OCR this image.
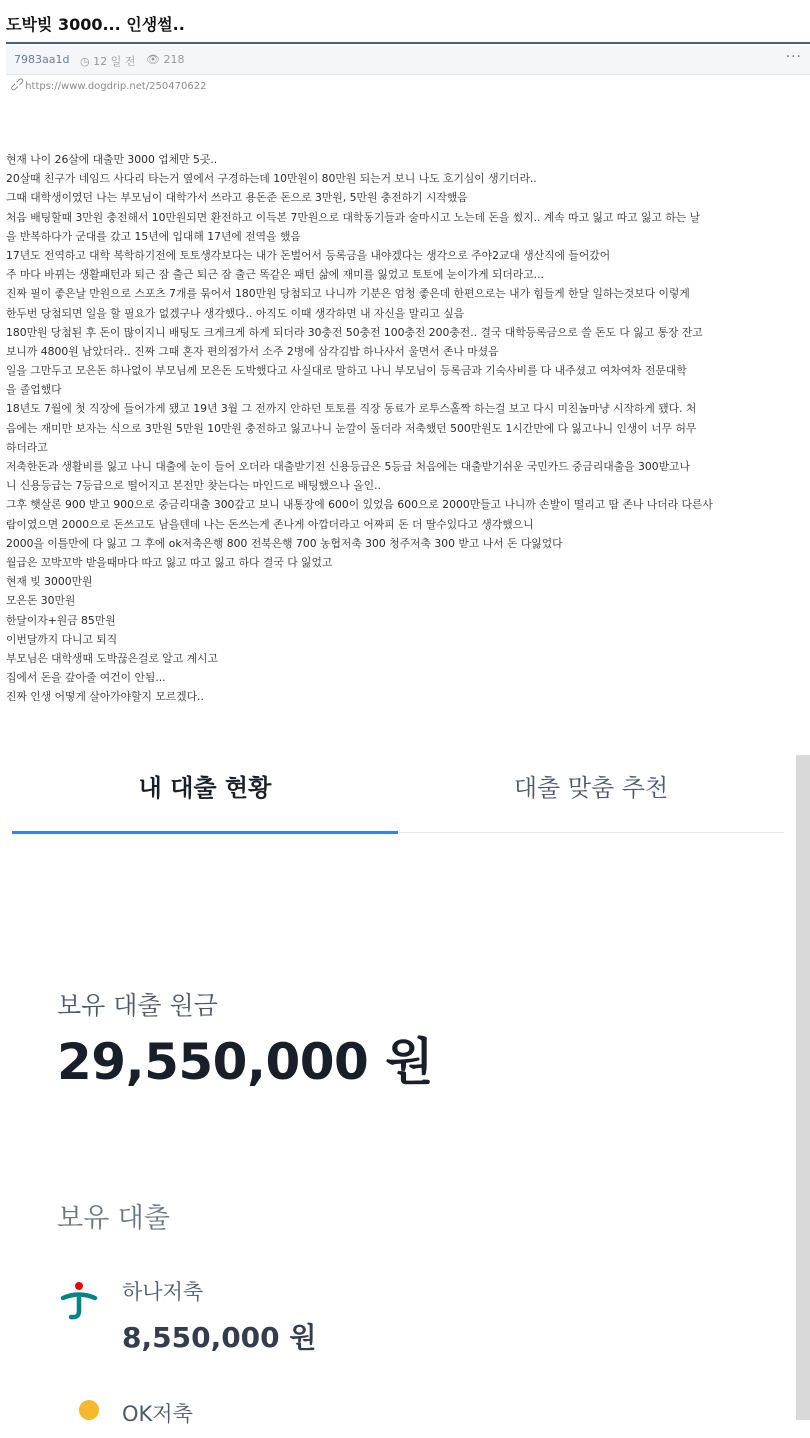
도박빚 3000... 인생썰..
7983aa1d ◷ 12 일 전 👁 218	···
⊂⊃ https://www.dogdrip.net/250470622
현재 나이 26살에 대출만 3000 업체만 5곳..
20살때 친구가 네임드 사다리 타는거 옆에서 구경하는데 10만원이 80만원 되는거 보니 나도 호기심이 생기더라..
그때 대학생이였던 나는 부모님이 대학가서 쓰라고 용돈준 돈으로 3만원, 5만원 충전하기 시작했음
처음 배팅할때 3만원 충전해서 10만원되면 환전하고 이득본 7만원으로 대학동기들과 술마시고 노는데 돈을 썼지.. 계속 따고 잃고 따고 잃고 하는 날
을 반복하다가 군대를 갔고 15년에 입대해 17년에 전역을 했음
17년도 전역하고 대학 복학하기전에 토토생각보다는 내가 돈벌어서 등록금을 내야겠다는 생각으로 주야2교대 생산직에 들어갔어
주 마다 바뀌는 생활패턴과 퇴근 잠 출근 퇴근 잠 출근 똑같은 패턴 삶에 재미를 잃었고 토토에 눈이가게 되더라고...
진짜 필이 좋은날 만원으로 스포츠 7개를 묶어서 180만원 당첨되고 나니까 기분은 엄청 좋은데 한편으로는 내가 힘들게 한달 일하는것보다 이렇게
한두번 당첨되면 일을 할 필요가 없겠구나 생각했다.. 아직도 이때 생각하면 내 자신을 말리고 싶음
180만원 당첨된 후 돈이 많이지니 배팅도 크게크게 하게 되더라 30충전 50충전 100충전 200충전.. 결국 대학등록금으로 쓸 돈도 다 잃고 통장 잔고
보니까 4800원 남았더라.. 진짜 그때 혼자 편의점가서 소주 2병에 삼각김밥 하나사서 울면서 존나 마셨음
일을 그만두고 모은돈 하나없이 부모님께 모은돈 도박했다고 사실대로 말하고 나니 부모님이 등록금과 기숙사비를 다 내주셨고 여차여차 전문대학
을 졸업했다
18년도 7월에 첫 직장에 들어가게 됐고 19년 3월 그 전까지 안하던 토토를 직장 동료가 로투스홀짝 하는걸 보고 다시 미친놈마냥 시작하게 됐다. 처
음에는 재미만 보자는 식으로 3만원 5만원 10만원 충전하고 잃고나니 눈깔이 돌더라 저축했던 500만원도 1시간만에 다 잃고나니 인생이 너무 허무
하더라고
저축한돈과 생활비를 잃고 나니 대출에 눈이 들어 오더라 대출받기전 신용등급은 5등급 처음에는 대출받기쉬운 국민카드 중금리대출을 300받고나
니 신용등급는 7등급으로 떨어지고 본전만 찾는다는 마인드로 배팅했으나 올인..
그후 햇살론 900 받고 900으로 중금리대출 300갚고 보니 내통장에 600이 있었음 600으로 2000만들고 나니까 손발이 떨리고 땀 존나 나더라 다른사
람이였으면 2000으로 돈쓰고도 남을텐데 나는 돈쓰는게 존나게 아깝더라고 어짜피 돈 더 딸수있다고 생각했으니
2000을 이틀만에 다 잃고 그 후에 ok저축은행 800 전북은행 700 농협저축 300 청주저축 300 받고 나서 돈 다잃었다
월급은 꼬박꼬박 받을때마다 따고 잃고 따고 잃고 하다 결국 다 잃었고
현재 빚 3000만원
모은돈 30만원
한달이자+원금 85만원
이번달까지 다니고 퇴직
부모님은 대학생때 도박끊은걸로 알고 계시고
집에서 돈을 갚아줄 여건이 안됨...
진짜 인생 어떻게 살아가야할지 모르겠다..
내 대출 현황	대출 맞춤 추천
보유 대출 원금
29,550,000 원
보유 대출
하나저축
8,550,000 원
OK저축
